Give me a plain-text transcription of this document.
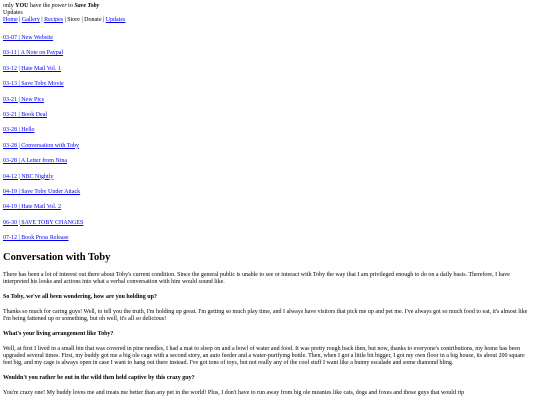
only YOU have the power to Save Toby
Updates
Home | Gallery | Recipes | Store | Donate | Updates
03-07 | New Website
03-11 | A Note on Paypal
03-12 | Hate Mail Vol. 1
03-13 | Save Toby Movie
03-21 | New Pics
03-21 | Book Deal
03-28 | Hello
03-28 | Conversation with Toby
03-28 | A Letter from Nina
04-12 | NBC Nightly
04-19 | Save Toby Under Attack
04-19 | Hate Mail Vol. 2
06-30 | SAVE TOBY CHANGES
07-12 | Book Press Release
Conversation with Toby

There has been a lot of interest out there about Toby's current condition. Since the general public is unable to see or interact with Toby the way that I am privileged enough to do on a daily basis. Therefore, I have interpreted his looks and actions into what a verbal conversation with him would sound like.

So Toby, we've all been wondering, how are you holding up?

Thanks so much for caring guys! Well, to tell you the truth, I'm holding up great. I'm getting so much play time, and I always have visitors that pick me up and pet me. I've always got so much food to eat, it's almost like I'm being fattened up or something, but oh well, it's all so delicious!

What's your living arrangement like Toby?

Well, at first I lived in a small bin that was covered in pine needles, I had a mat to sleep on and a bowl of water and food. It was pretty rough back then, but now, thanks to everyone's contributions, my home has been upgraded several times. First, my buddy got me a big ole cage with a second story, an auto feeder and a water-purifying bottle. Then, when I got a little bit bigger, I got my own floor in a big house, its about 200 square feet big, and my cage is always open in case I want to hang out there instead. I've got tons of toys, but not really any of the cool stuff I want like a bunny escalade and some diamond bling.

Wouldn't you rather be out in the wild then held captive by this crazy guy?

You're crazy one! My buddy loves me and treats me better than any pet in the world! Plus, I don't have to run away from big ole meanies like cats, dogs and foxes and those guys that would rip
